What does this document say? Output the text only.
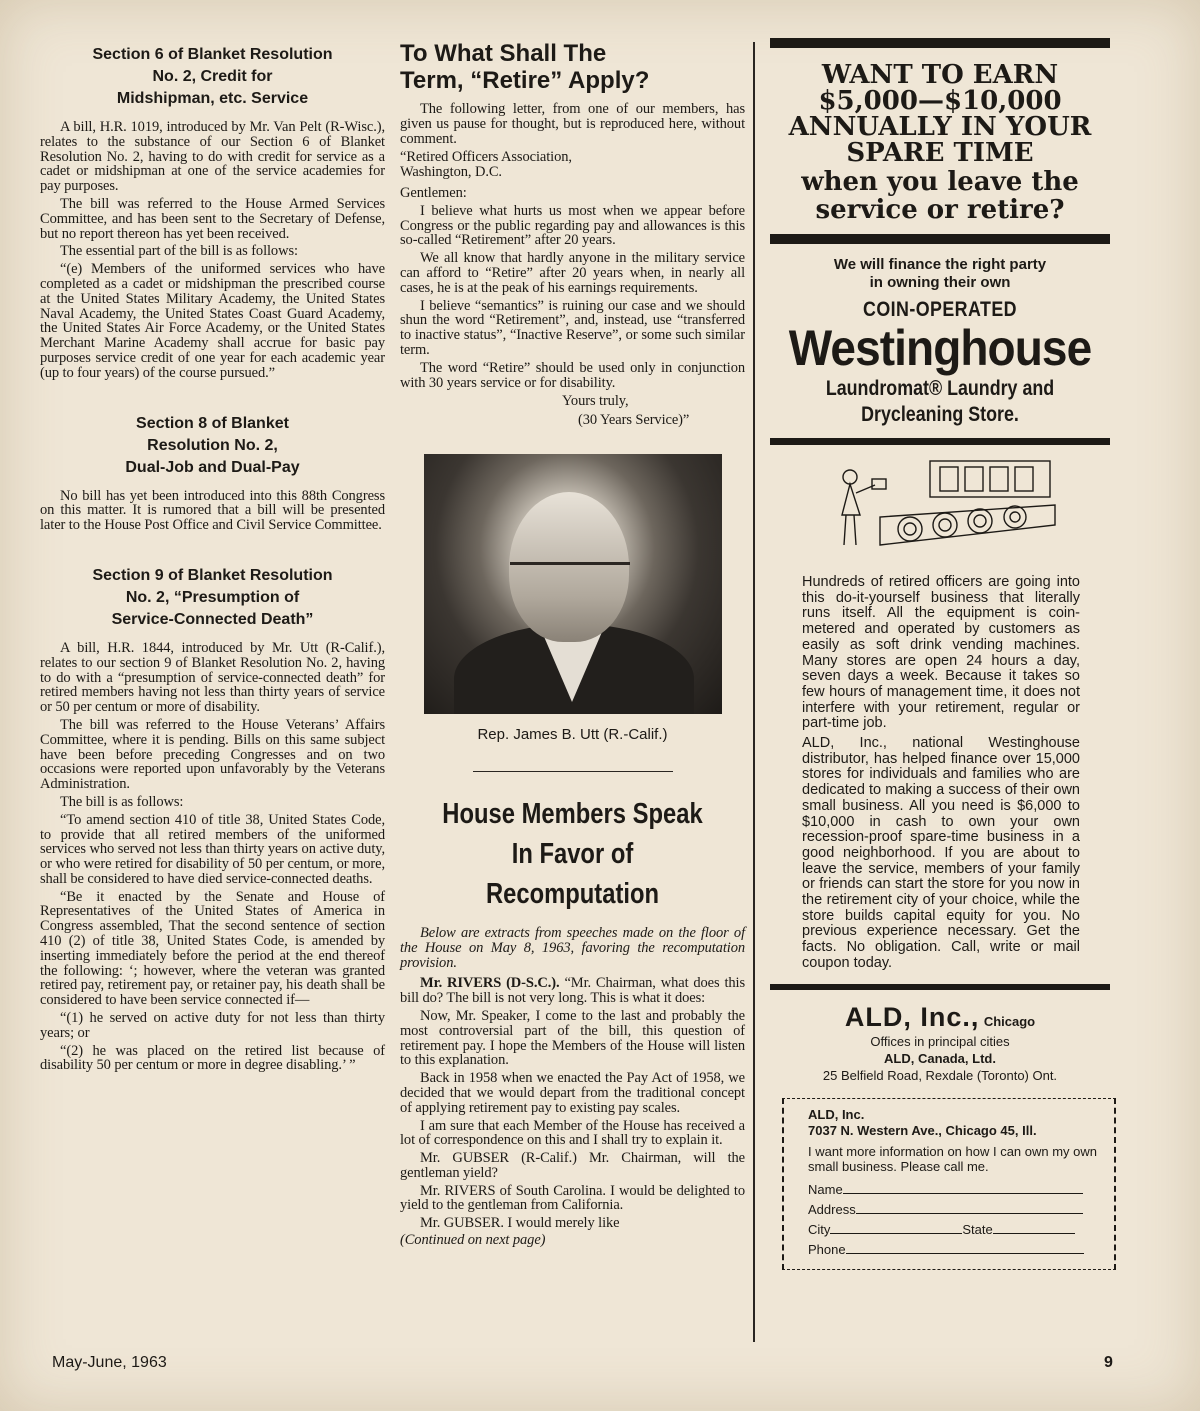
Section 6 of Blanket Resolution
No. 2, Credit for
Midshipman, etc. Service

A bill, H.R. 1019, introduced by Mr. Van Pelt (R-Wisc.), relates to the substance of our Section 6 of Blanket Resolution No. 2, having to do with credit for service as a cadet or midshipman at one of the service academies for pay purposes.

The bill was referred to the House Armed Services Committee, and has been sent to the Secretary of Defense, but no report thereon has yet been received.

The essential part of the bill is as follows:

“(e) Members of the uniformed services who have completed as a cadet or midshipman the prescribed course at the United States Military Academy, the United States Naval Academy, the United States Coast Guard Academy, the United States Air Force Academy, or the United States Merchant Marine Academy shall accrue for basic pay purposes service credit of one year for each academic year (up to four years) of the course pursued.”

Section 8 of Blanket
Resolution No. 2,
Dual-Job and Dual-Pay

No bill has yet been introduced into this 88th Congress on this matter. It is rumored that a bill will be presented later to the House Post Office and Civil Service Committee.

Section 9 of Blanket Resolution
No. 2, “Presumption of
Service-Connected Death”

A bill, H.R. 1844, introduced by Mr. Utt (R-Calif.), relates to our section 9 of Blanket Resolution No. 2, having to do with a “presumption of service-connected death” for retired members having not less than thirty years of service or 50 per centum or more of disability.

The bill was referred to the House Veterans’ Affairs Committee, where it is pending. Bills on this same subject have been before preceding Congresses and on two occasions were reported upon unfavorably by the Veterans Administration.

The bill is as follows:

“To amend section 410 of title 38, United States Code, to provide that all retired members of the uniformed services who served not less than thirty years on active duty, or who were retired for disability of 50 per centum, or more, shall be considered to have died service-connected deaths.

“Be it enacted by the Senate and House of Representatives of the United States of America in Congress assembled, That the second sentence of section 410 (2) of title 38, United States Code, is amended by inserting immediately before the period at the end thereof the following: ‘; however, where the veteran was granted retired pay, retirement pay, or retainer pay, his death shall be considered to have been service connected if—

“(1) he served on active duty for not less than thirty years; or

“(2) he was placed on the retired list because of disability 50 per centum or more in degree disabling.’ ”

To What Shall The
Term, “Retire” Apply?

The following letter, from one of our members, has given us pause for thought, but is reproduced here, without comment.

“Retired Officers Association,

Washington, D.C.

Gentlemen:

I believe what hurts us most when we appear before Congress or the public regarding pay and allowances is this so-called “Retirement” after 20 years.

We all know that hardly anyone in the military service can afford to “Retire” after 20 years when, in nearly all cases, he is at the peak of his earnings requirements.

I believe “semantics” is ruining our case and we should shun the word “Retirement”, and, instead, use “transferred to inactive status”, “Inactive Reserve”, or some such similar term.

The word “Retire” should be used only in conjunction with 30 years service or for disability.

Yours truly,

(30 Years Service)”

Rep. James B. Utt (R.-Calif.)
House Members Speak
In Favor of Recomputation

Below are extracts from speeches made on the floor of the House on May 8, 1963, favoring the recomputation provision.

Mr. RIVERS (D-S.C.). “Mr. Chairman, what does this bill do? The bill is not very long. This is what it does:

Now, Mr. Speaker, I come to the last and probably the most controversial part of the bill, this question of retirement pay. I hope the Members of the House will listen to this explanation.

Back in 1958 when we enacted the Pay Act of 1958, we decided that we would depart from the traditional concept of applying retirement pay to existing pay scales.

I am sure that each Member of the House has received a lot of correspondence on this and I shall try to explain it.

Mr. GUBSER (R-Calif.) Mr. Chairman, will the gentleman yield?

Mr. RIVERS of South Carolina. I would be delighted to yield to the gentleman from California.

Mr. GUBSER. I would merely like

(Continued on next page)

WANT TO EARN
$5,000—$10,000
ANNUALLY IN YOUR
SPARE TIME
when you leave the
service or retire?
We will finance the right party
in owning their own
COIN-OPERATED
Westinghouse
Laundromat® Laundry and
Drycleaning Store.

Hundreds of retired officers are going into this do-it-yourself business that literally runs itself. All the equipment is coin-metered and operated by customers as easily as soft drink vending machines. Many stores are open 24 hours a day, seven days a week. Because it takes so few hours of management time, it does not interfere with your retirement, regular or part-time job.

ALD, Inc., national Westinghouse distributor, has helped finance over 15,000 stores for individuals and families who are dedicated to making a success of their own small business. All you need is $6,000 to $10,000 in cash to own your own recession-proof spare-time business in a good neighborhood. If you are about to leave the service, members of your family or friends can start the store for you now in the retirement city of your choice, while the store builds capital equity for you. No previous experience necessary. Get the facts. No obligation. Call, write or mail coupon today.

ALD, Inc., Chicago
Offices in principal cities
ALD, Canada, Ltd.
25 Belfield Road, Rexdale (Toronto) Ont.
ALD, Inc.
7037 N. Western Ave., Chicago 45, Ill.
I want more information on how I can own my own small business. Please call me.
Name
Address
City	State
Phone
May-June, 1963	9
